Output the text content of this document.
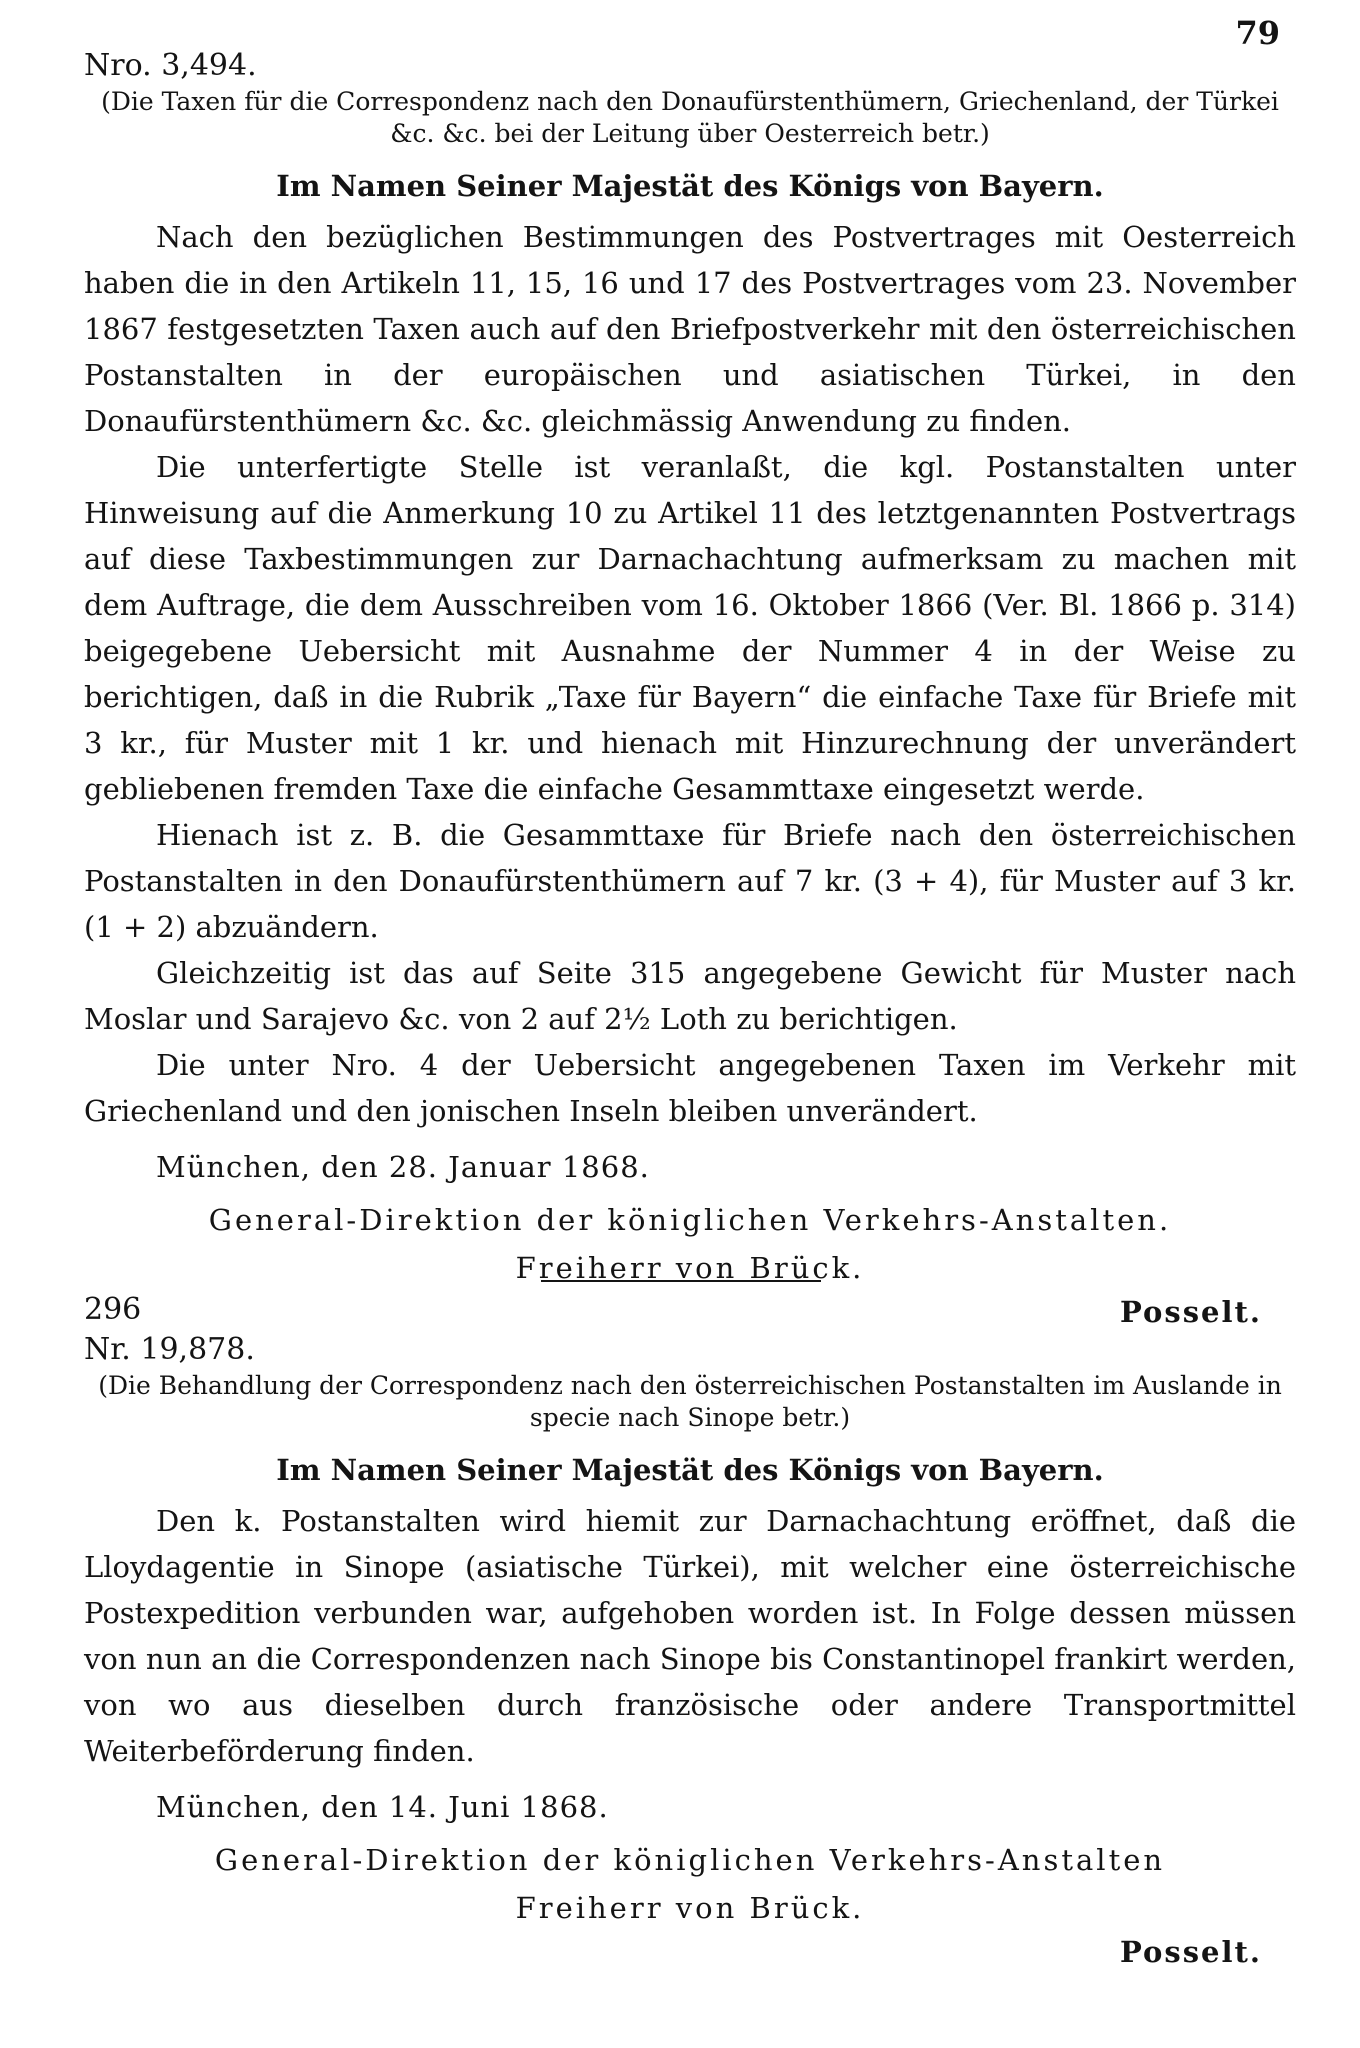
79

Nro. 3,494.

(Die Taxen für die Correspondenz nach den Donaufürstenthümern, Griechenland, der Türkei &c. &c. bei der Leitung über Oesterreich betr.)

Im Namen Seiner Majestät des Königs von Bayern.

Nach den bezüglichen Bestimmungen des Postvertrages mit Oesterreich haben die in den Artikeln 11, 15, 16 und 17 des Postvertrages vom 23. November 1867 festgesetzten Taxen auch auf den Briefpostverkehr mit den österreichischen Postanstalten in der europäischen und asiatischen Türkei, in den Donaufürstenthümern &c. &c. gleichmässig Anwendung zu finden.

Die unterfertigte Stelle ist veranlaßt, die kgl. Postanstalten unter Hinweisung auf die Anmerkung 10 zu Artikel 11 des letztgenannten Postvertrags auf diese Taxbestimmungen zur Darnachachtung aufmerksam zu machen mit dem Auftrage, die dem Ausschreiben vom 16. Oktober 1866 (Ver. Bl. 1866 p. 314) beigegebene Uebersicht mit Ausnahme der Nummer 4 in der Weise zu berichtigen, daß in die Rubrik „Taxe für Bayern“ die einfache Taxe für Briefe mit 3 kr., für Muster mit 1 kr. und hienach mit Hinzurechnung der unverändert gebliebenen fremden Taxe die einfache Gesammttaxe eingesetzt werde.

Hienach ist z. B. die Gesammttaxe für Briefe nach den österreichischen Postanstalten in den Donaufürstenthümern auf 7 kr. (3 + 4), für Muster auf 3 kr. (1 + 2) abzuändern.

Gleichzeitig ist das auf Seite 315 angegebene Gewicht für Muster nach Moslar und Sarajevo &c. von 2 auf 2½ Loth zu berichtigen.

Die unter Nro. 4 der Uebersicht angegebenen Taxen im Verkehr mit Griechenland und den jonischen Inseln bleiben unverändert.

München, den 28. Januar 1868.

General-Direktion der königlichen Verkehrs-Anstalten.

Freiherr von Brück.

Posselt.

296

Nr. 19,878.

(Die Behandlung der Correspondenz nach den österreichischen Postanstalten im Auslande in specie nach Sinope betr.)

Im Namen Seiner Majestät des Königs von Bayern.

Den k. Postanstalten wird hiemit zur Darnachachtung eröffnet, daß die Lloydagentie in Sinope (asiatische Türkei), mit welcher eine österreichische Postexpedition verbunden war, aufgehoben worden ist. In Folge dessen müssen von nun an die Correspondenzen nach Sinope bis Constantinopel frankirt werden, von wo aus dieselben durch französische oder andere Transportmittel Weiterbeförderung finden.

München, den 14. Juni 1868.

General-Direktion der königlichen Verkehrs-Anstalten

Freiherr von Brück.

Posselt.
